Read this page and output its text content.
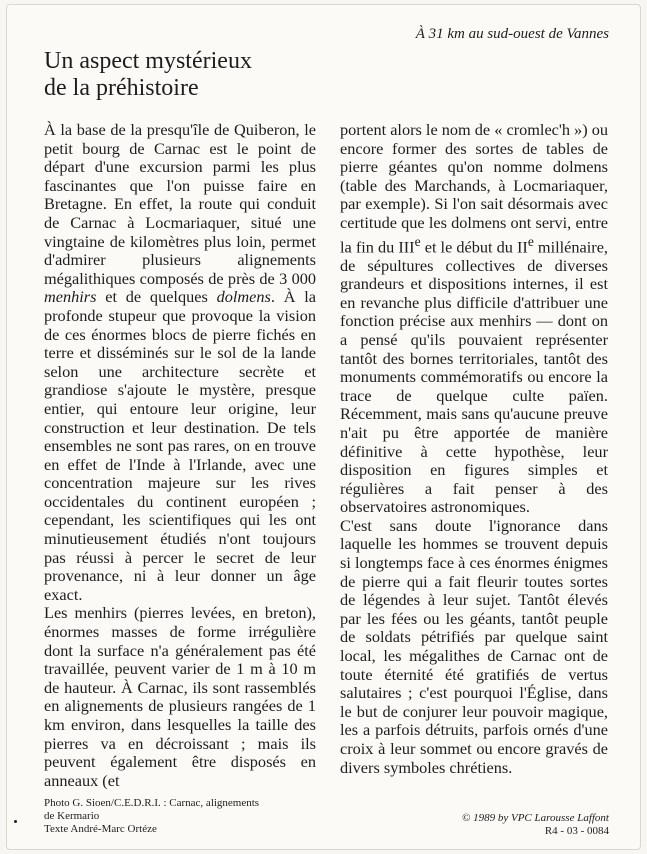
À 31 km au sud-ouest de Vannes
Un aspect mystérieux
de la préhistoire

À la base de la presqu'île de Quiberon, le petit bourg de Carnac est le point de départ d'une excursion parmi les plus fascinantes que l'on puisse faire en Bretagne. En effet, la route qui conduit de Carnac à Locmariaquer, situé une vingtaine de kilomètres plus loin, permet d'admirer plusieurs alignements mégalithiques composés de près de 3 000 menhirs et de quelques dolmens. À la profonde stupeur que provoque la vision de ces énormes blocs de pierre fichés en terre et disséminés sur le sol de la lande selon une architecture secrète et grandiose s'ajoute le mystère, presque entier, qui entoure leur origine, leur construction et leur destination. De tels ensembles ne sont pas rares, on en trouve en effet de l'Inde à l'Irlande, avec une concentration majeure sur les rives occidentales du continent européen ; cependant, les scientifiques qui les ont minutieusement étudiés n'ont toujours pas réussi à percer le secret de leur provenance, ni à leur donner un âge exact.

Les menhirs (pierres levées, en breton), énormes masses de forme irrégulière dont la surface n'a généralement pas été travaillée, peuvent varier de 1 m à 10 m de hauteur. À Carnac, ils sont rassemblés en alignements de plusieurs rangées de 1 km environ, dans lesquelles la taille des pierres va en décroissant ; mais ils peuvent également être disposés en anneaux (et

portent alors le nom de « cromlec'h ») ou encore former des sortes de tables de pierre géantes qu'on nomme dolmens (table des Marchands, à Locmariaquer, par exemple). Si l'on sait désormais avec certitude que les dolmens ont servi, entre la fin du IIIe et le début du IIe millénaire, de sépultures collectives de diverses grandeurs et dispositions internes, il est en revanche plus difficile d'attribuer une fonction précise aux menhirs — dont on a pensé qu'ils pouvaient représenter tantôt des bornes territoriales, tantôt des monuments commémoratifs ou encore la trace de quelque culte païen. Récemment, mais sans qu'aucune preuve n'ait pu être apportée de manière définitive à cette hypothèse, leur disposition en figures simples et régulières a fait penser à des observatoires astronomiques.

C'est sans doute l'ignorance dans laquelle les hommes se trouvent depuis si longtemps face à ces énormes énigmes de pierre qui a fait fleurir toutes sortes de légendes à leur sujet. Tantôt élevés par les fées ou les géants, tantôt peuple de soldats pétrifiés par quelque saint local, les mégalithes de Carnac ont de toute éternité été gratifiés de vertus salutaires ; c'est pourquoi l'Église, dans le but de conjurer leur pouvoir magique, les a parfois détruits, parfois ornés d'une croix à leur sommet ou encore gravés de divers symboles chrétiens.

Photo G. Sioen/C.E.D.R.I. : Carnac, alignements
de Kermario
Texte André-Marc Ortéze
© 1989 by VPC Larousse Laffont
R4 - 03 - 0084
